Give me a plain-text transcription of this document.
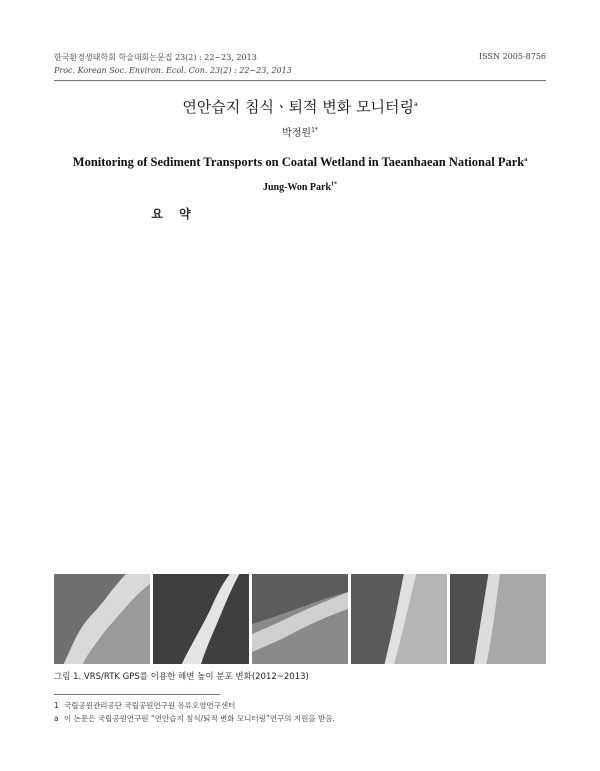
한국환경생태학회 학술대회논문집 23(2) : 22~23, 2013	ISSN 2005-8756
Proc. Korean Soc. Environ. Ecol. Con. 23(2) : 22~23, 2013
연안습지 침식ㆍ퇴적 변화 모니터링$^a$
박정원$^{1*}$
Monitoring of Sediment Transports on Coatal Wetland in Taeanhaean National Park$^a$
Jung-Won Park$^{1*}$
요 약
그림 1. VRS/RTK GPS를 이용한 해변 높이 분포 변화(2012~2013)
1 국립공원관리공단 국립공원연구원 유류오염연구센터
a 이 논문은 국립공원연구원 “연안습지 침식/퇴적 변화 모니터링”연구의 지원을 받음.
